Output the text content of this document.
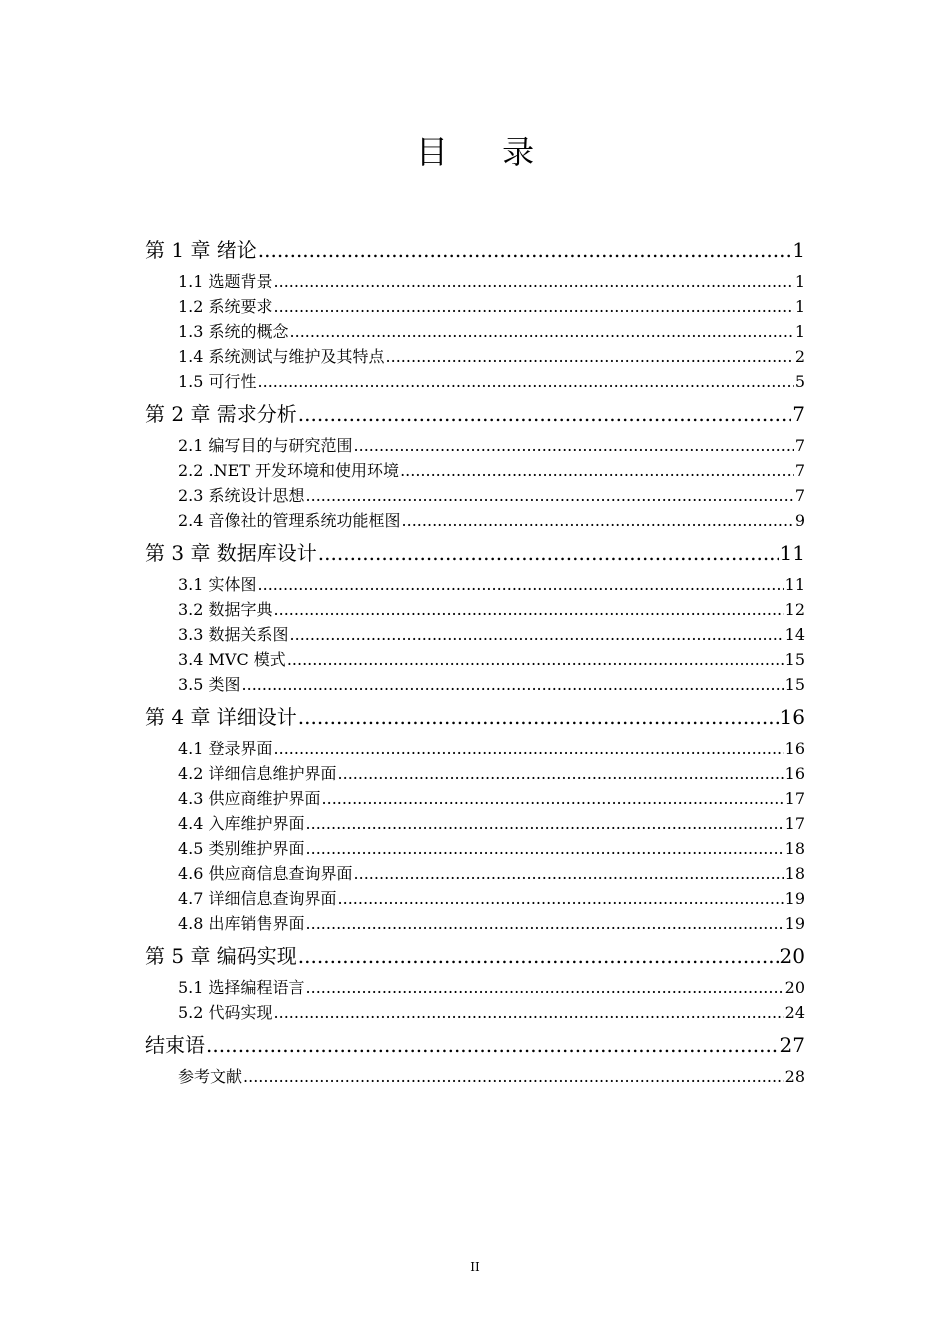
目 录
第 1 章 绪论 .....	1
1.1 选题背景 .....	1
1.2 系统要求 .....	1
1.3 系统的概念 .....	1
1.4 系统测试与维护及其特点 .....	2
1.5 可行性 .....	5
第 2 章 需求分析 .....	7
2.1 编写目的与研究范围 .....	7
2.2 .NET 开发环境和使用环境 .....	7
2.3 系统设计思想 .....	7
2.4 音像社的管理系统功能框图 .....	9
第 3 章 数据库设计 .....	11
3.1 实体图 .....	11
3.2 数据字典 .....	12
3.3 数据关系图 .....	14
3.4 MVC 模式 .....	15
3.5 类图 .....	15
第 4 章 详细设计 .....	16
4.1 登录界面 .....	16
4.2 详细信息维护界面 .....	16
4.3 供应商维护界面 .....	17
4.4 入库维护界面 .....	17
4.5 类别维护界面 .....	18
4.6 供应商信息查询界面 .....	18
4.7 详细信息查询界面 .....	19
4.8 出库销售界面 .....	19
第 5 章 编码实现 .....	20
5.1 选择编程语言 .....	20
5.2 代码实现 .....	24
结束语 .....	27
参考文献 .....	28
II
